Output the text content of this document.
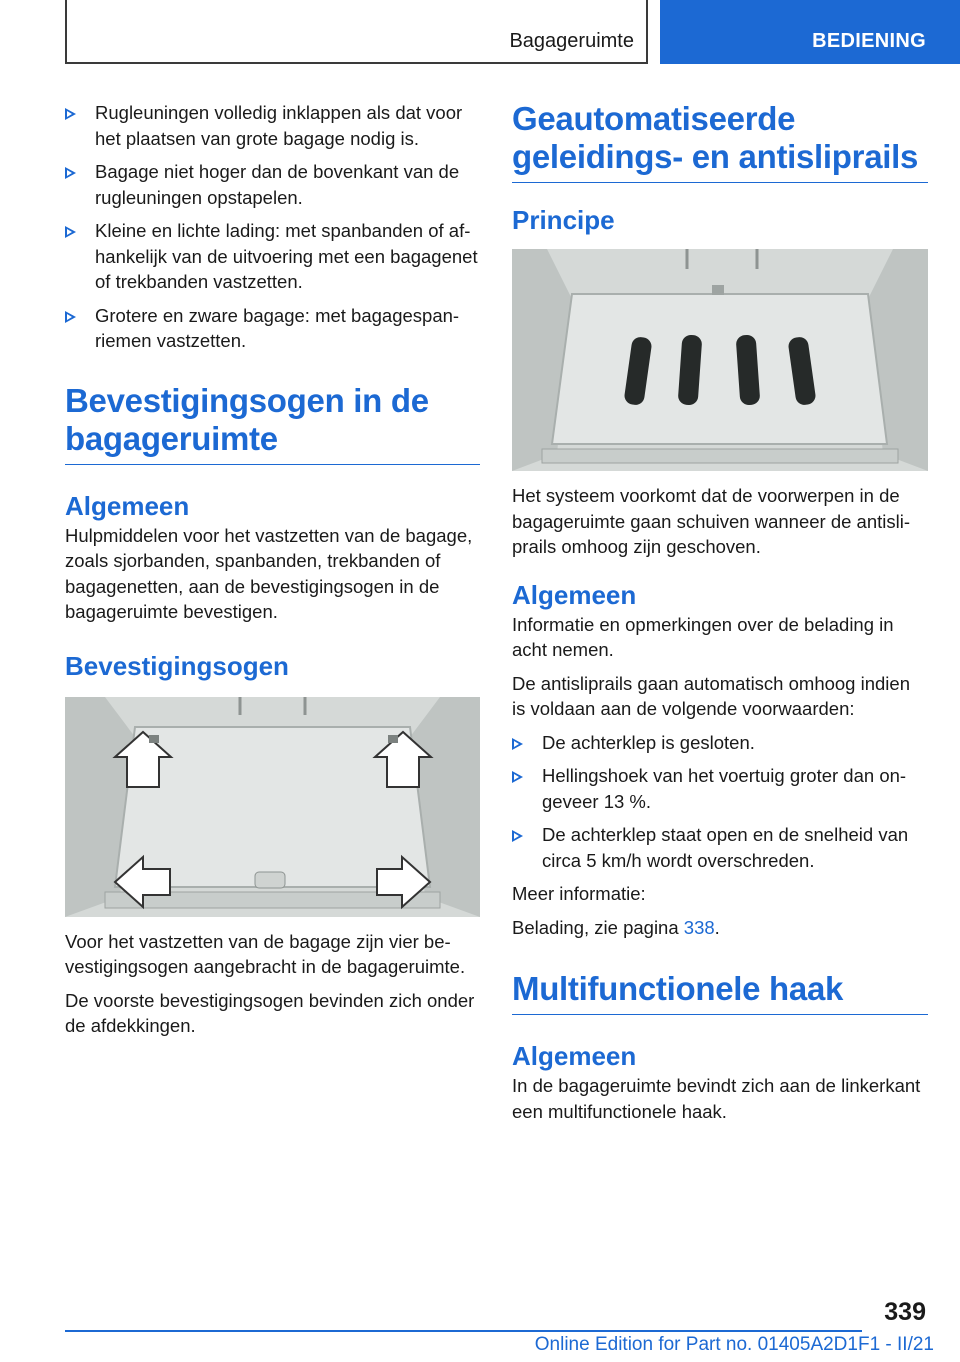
Bagageruimte	BEDIENING
Rugleuningen volledig inklappen als dat voor het plaatsen van grote bagage nodig is.
Bagage niet hoger dan de bovenkant van de rugleuningen opstapelen.
Kleine en lichte lading: met spanbanden of afhankelijk van de uitvoering met een bagagenet of trekbanden vastzetten.
Grotere en zware bagage: met bagagespanriemen vastzetten.
Bevestigingsogen in de bagageruimte
Algemeen

Hulpmiddelen voor het vastzetten van de bagage, zoals sjorbanden, spanbanden, trekbanden of bagagenetten, aan de bevestigingsogen in de bagageruimte bevestigen.

Bevestigingsogen

Voor het vastzetten van de bagage zijn vier bevestigingsogen aangebracht in de bagageruimte.

De voorste bevestigingsogen bevinden zich onder de afdekkingen.

Geautomatiseerde geleidings- en antisliprails
Principe

Het systeem voorkomt dat de voorwerpen in de bagageruimte gaan schuiven wanneer de antisliprails omhoog zijn geschoven.

Algemeen

Informatie en opmerkingen over de belading in acht nemen.

De antisliprails gaan automatisch omhoog indien is voldaan aan de volgende voorwaarden:

De achterklep is gesloten.
Hellingshoek van het voertuig groter dan ongeveer 13 %.
De achterklep staat open en de snelheid van circa 5 km/h wordt overschreden.

Meer informatie:

Belading, zie pagina 338.

Multifunctionele haak
Algemeen

In de bagageruimte bevindt zich aan de linkerkant een multifunctionele haak.

339
Online Edition for Part no. 01405A2D1F1 - II/21
